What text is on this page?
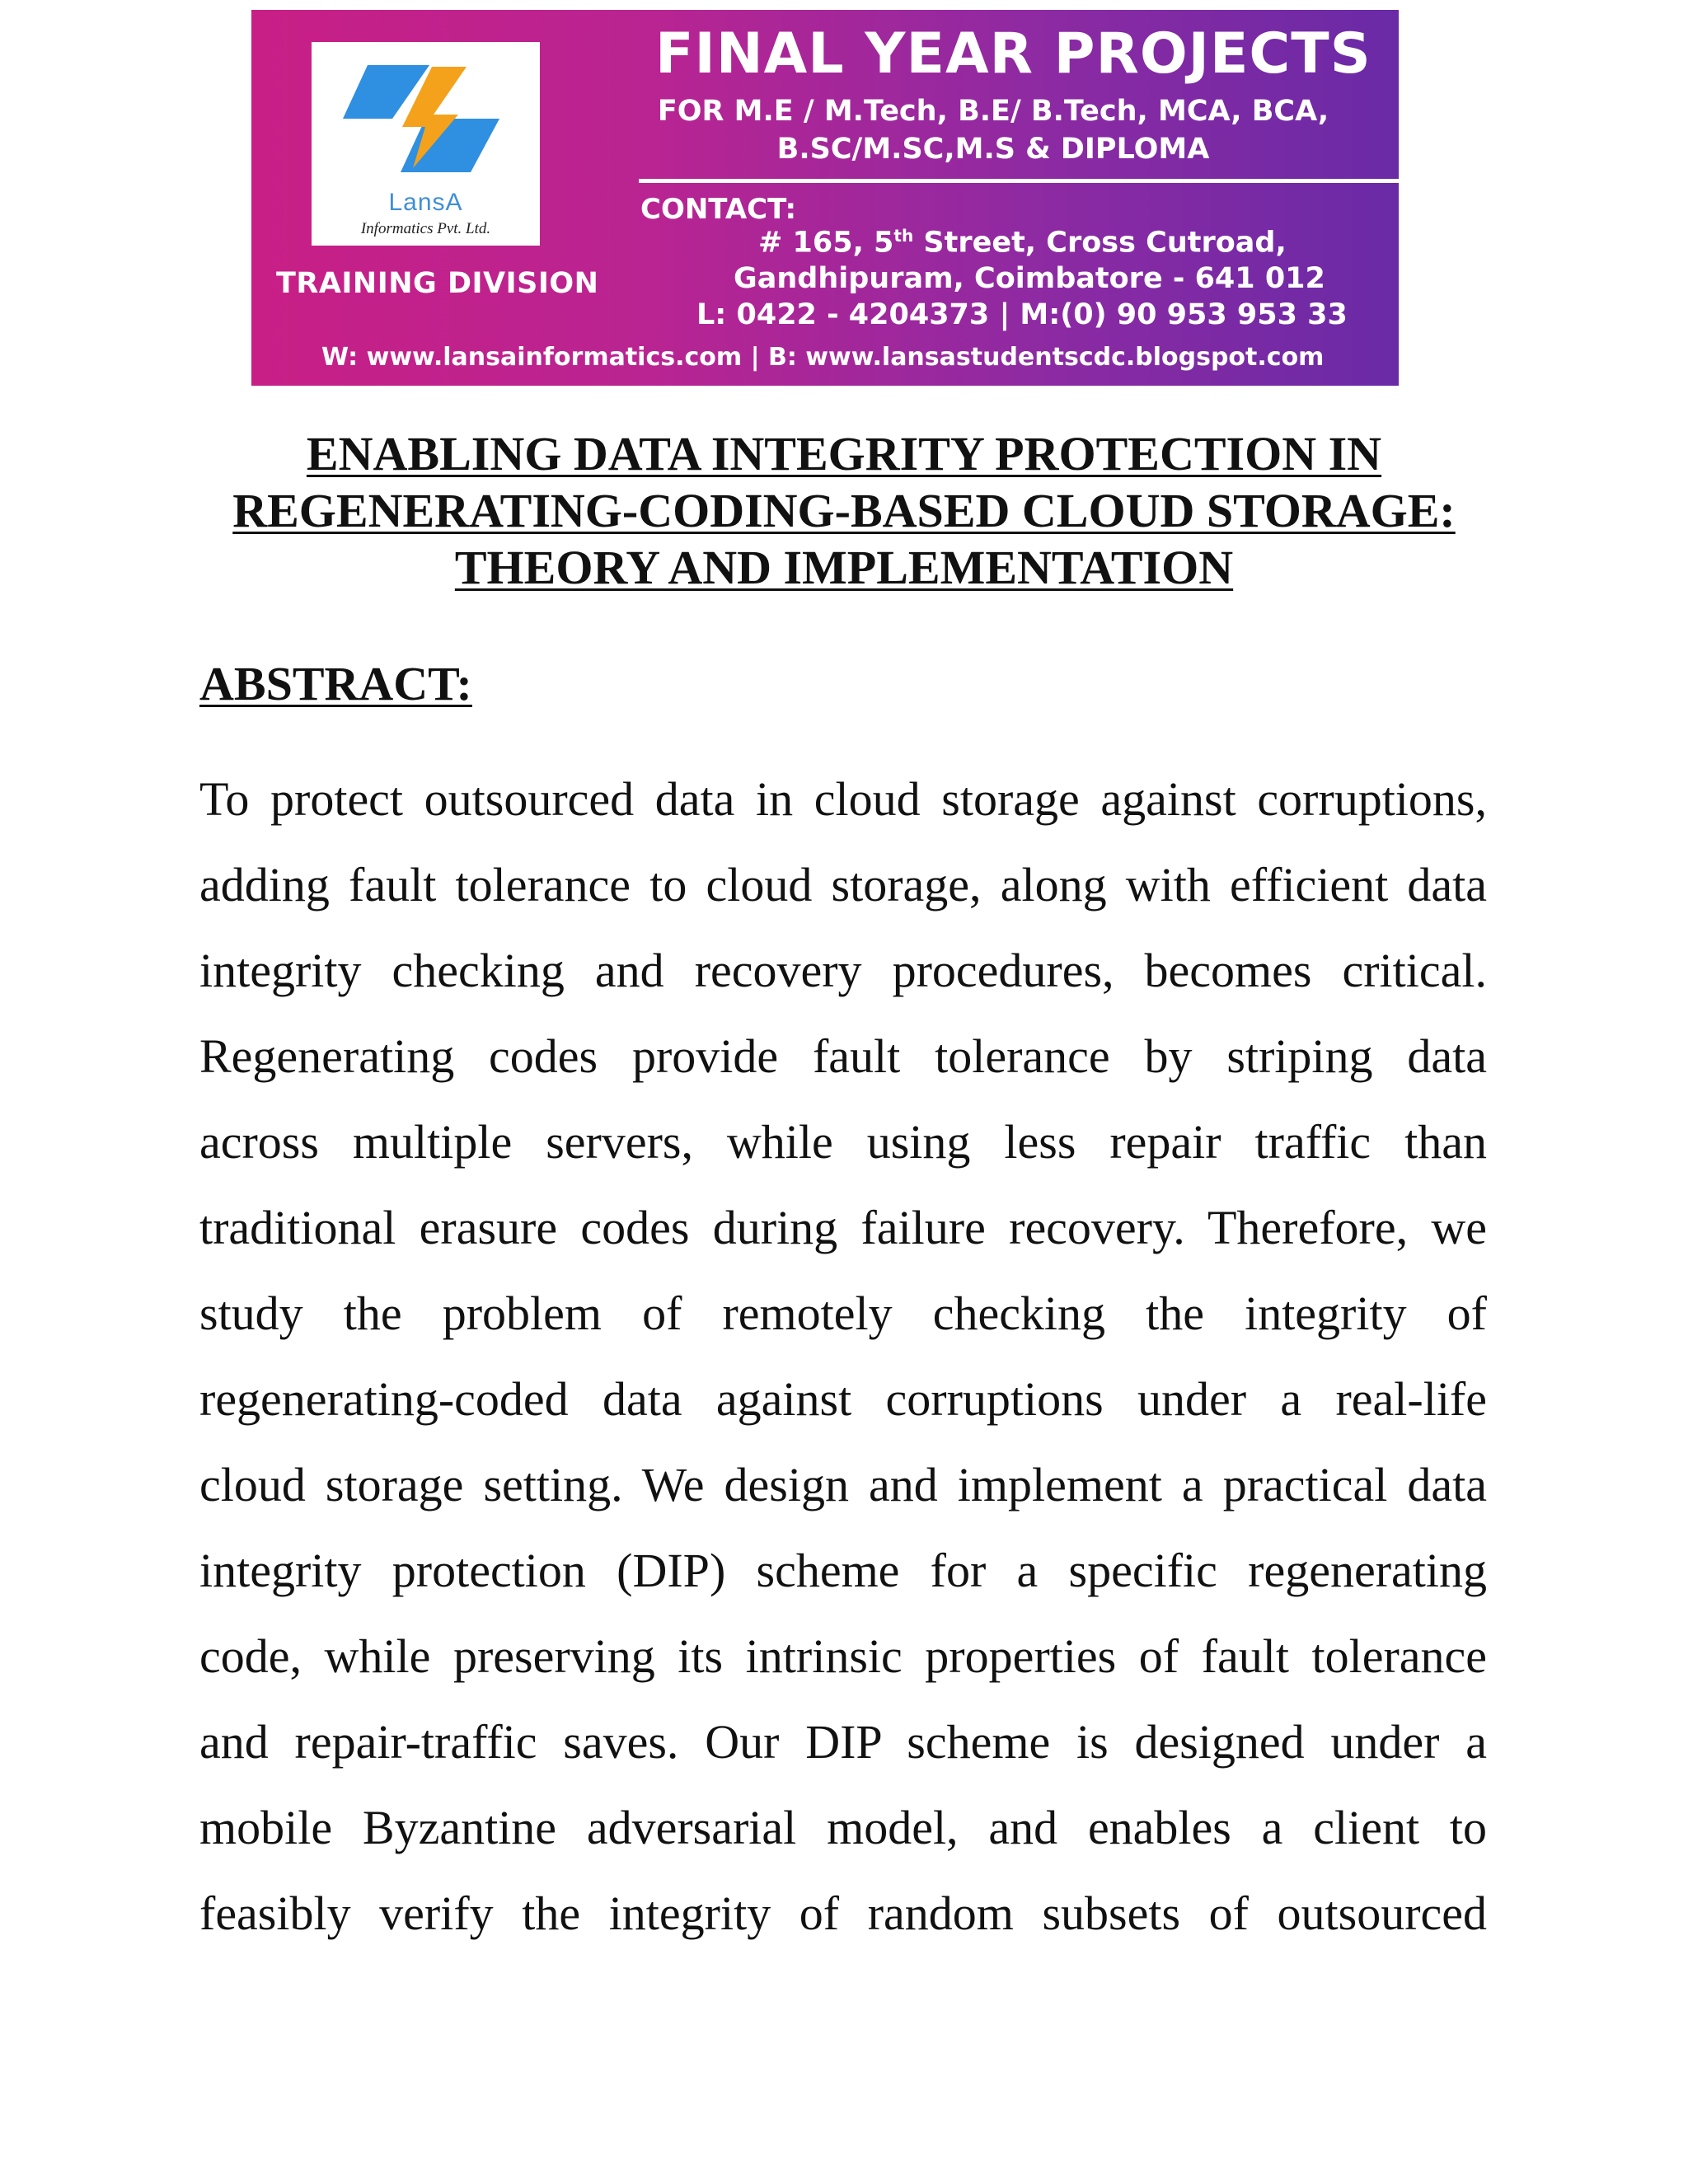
LansA
Informatics Pvt. Ltd.
TRAINING DIVISION
FINAL YEAR PROJECTS
FOR M.E / M.Tech, B.E/ B.Tech, MCA, BCA,
B.SC/M.SC,M.S & DIPLOMA
CONTACT:
# 165, 5th Street, Cross Cutroad,
Gandhipuram, Coimbatore - 641 012
L: 0422 - 4204373 | M:(0) 90 953 953 33
W: www.lansainformatics.com | B: www.lansastudentscdc.blogspot.com
ENABLING DATA INTEGRITY PROTECTION IN
REGENERATING-CODING-BASED CLOUD STORAGE:
THEORY AND IMPLEMENTATION
ABSTRACT:
To protect outsourced data in cloud storage against corruptions,
adding fault tolerance to cloud storage, along with efficient data
integrity checking and recovery procedures, becomes critical.
Regenerating codes provide fault tolerance by striping data
across multiple servers, while using less repair traffic than
traditional erasure codes during failure recovery. Therefore, we
study the problem of remotely checking the integrity of
regenerating-coded data against corruptions under a real-life
cloud storage setting. We design and implement a practical data
integrity protection (DIP) scheme for a specific regenerating
code, while preserving its intrinsic properties of fault tolerance
and repair-traffic saves. Our DIP scheme is designed under a
mobile Byzantine adversarial model, and enables a client to
feasibly verify the integrity of random subsets of outsourced
